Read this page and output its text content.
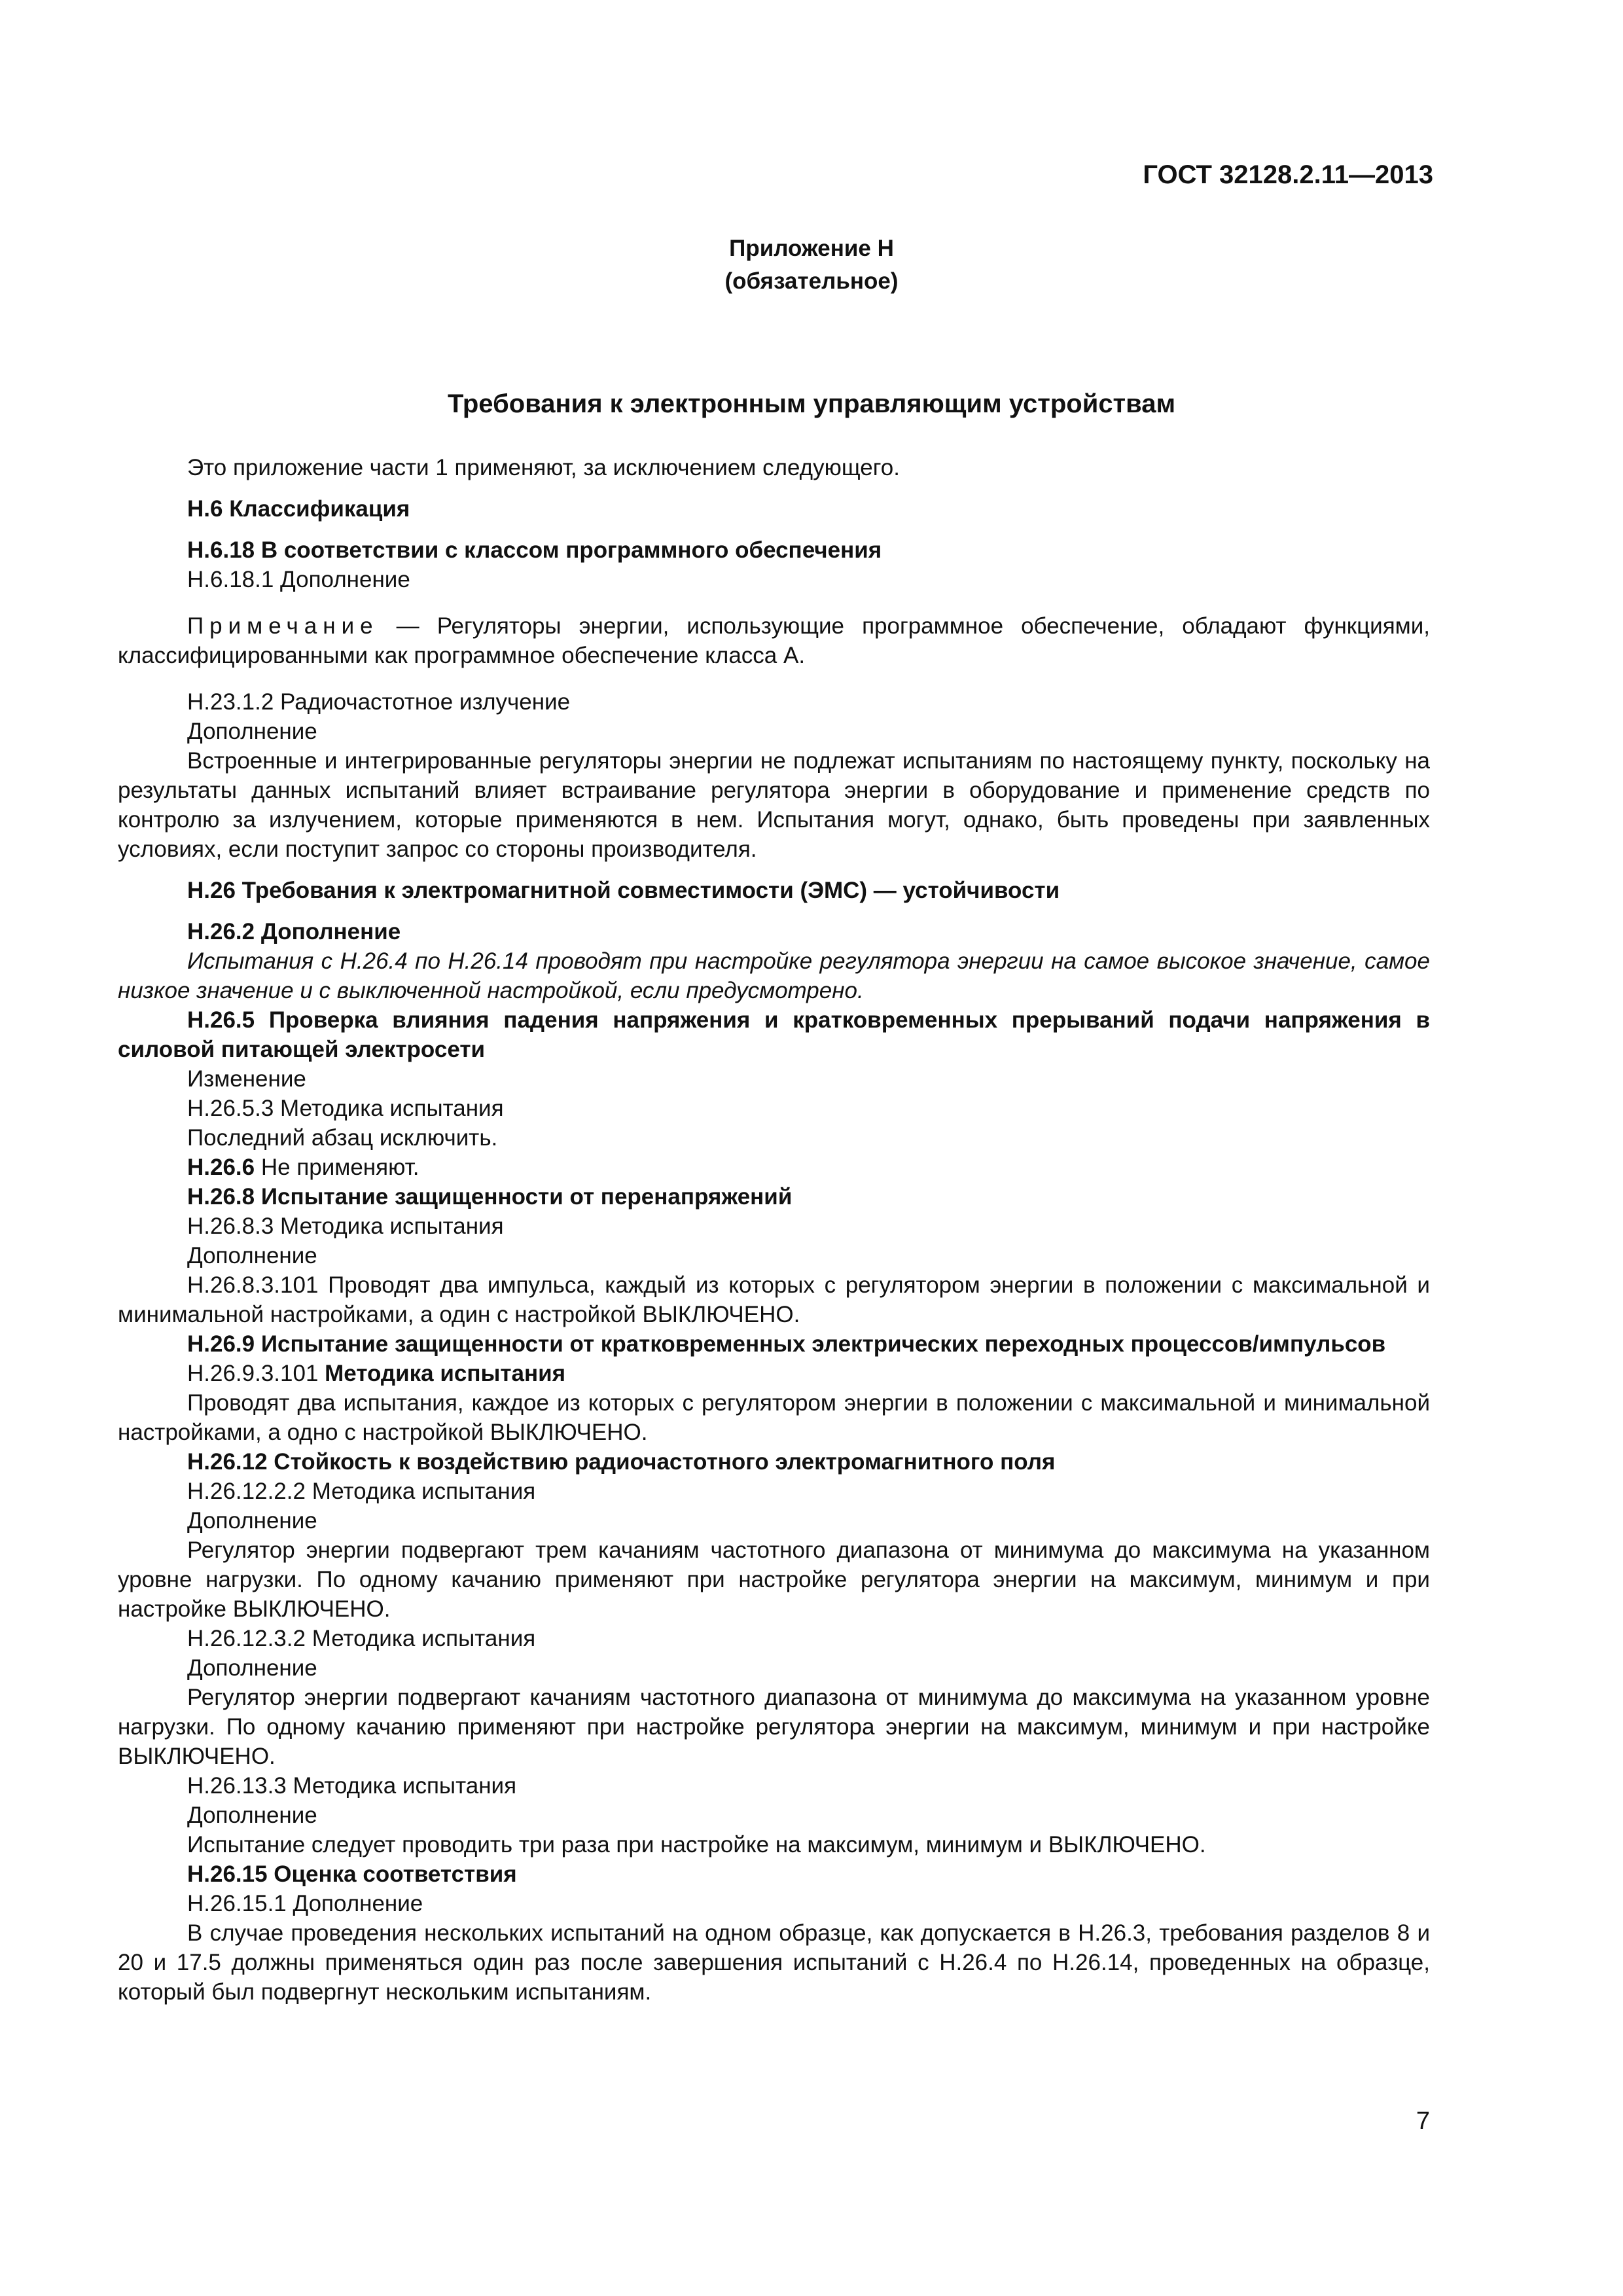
ГОСТ 32128.2.11—2013
Приложение Н
(обязательное)
Требования к электронным управляющим устройствам

Это приложение части 1 применяют, за исключением следующего.

Н.6 Классификация

Н.6.18 В соответствии с классом программного обеспечения

Н.6.18.1 Дополнение

Примечание — Регуляторы энергии, использующие программное обеспечение, обладают функциями, классифицированными как программное обеспечение класса А.

Н.23.1.2 Радиочастотное излучение

Дополнение

Встроенные и интегрированные регуляторы энергии не подлежат испытаниям по настоящему пункту, поскольку на результаты данных испытаний влияет встраивание регулятора энергии в оборудование и применение средств по контролю за излучением, которые применяются в нем. Испытания могут, однако, быть проведены при заявленных условиях, если поступит запрос со стороны производителя.

Н.26 Требования к электромагнитной совместимости (ЭМС) — устойчивости

Н.26.2 Дополнение

Испытания с Н.26.4 по Н.26.14 проводят при настройке регулятора энергии на самое высокое значение, самое низкое значение и с выключенной настройкой, если предусмотрено.

Н.26.5 Проверка влияния падения напряжения и кратковременных прерываний подачи напряжения в силовой питающей электросети

Изменение

Н.26.5.3 Методика испытания

Последний абзац исключить.

Н.26.6 Не применяют.

Н.26.8 Испытание защищенности от перенапряжений

Н.26.8.3 Методика испытания

Дополнение

Н.26.8.3.101 Проводят два импульса, каждый из которых с регулятором энергии в положении с максимальной и минимальной настройками, а один с настройкой ВЫКЛЮЧЕНО.

Н.26.9 Испытание защищенности от кратковременных электрических переходных процессов/импульсов

Н.26.9.3.101 Методика испытания

Проводят два испытания, каждое из которых с регулятором энергии в положении с максимальной и минимальной настройками, а одно с настройкой ВЫКЛЮЧЕНО.

Н.26.12 Стойкость к воздействию радиочастотного электромагнитного поля

Н.26.12.2.2 Методика испытания

Дополнение

Регулятор энергии подвергают трем качаниям частотного диапазона от минимума до максимума на указанном уровне нагрузки. По одному качанию применяют при настройке регулятора энергии на максимум, минимум и при настройке ВЫКЛЮЧЕНО.

Н.26.12.3.2 Методика испытания

Дополнение

Регулятор энергии подвергают качаниям частотного диапазона от минимума до максимума на указанном уровне нагрузки. По одному качанию применяют при настройке регулятора энергии на максимум, минимум и при настройке ВЫКЛЮЧЕНО.

Н.26.13.3 Методика испытания

Дополнение

Испытание следует проводить три раза при настройке на максимум, минимум и ВЫКЛЮЧЕНО.

Н.26.15 Оценка соответствия

Н.26.15.1 Дополнение

В случае проведения нескольких испытаний на одном образце, как допускается в Н.26.3, требования разделов 8 и 20 и 17.5 должны применяться один раз после завершения испытаний с Н.26.4 по Н.26.14, проведенных на образце, который был подвергнут нескольким испытаниям.

7
